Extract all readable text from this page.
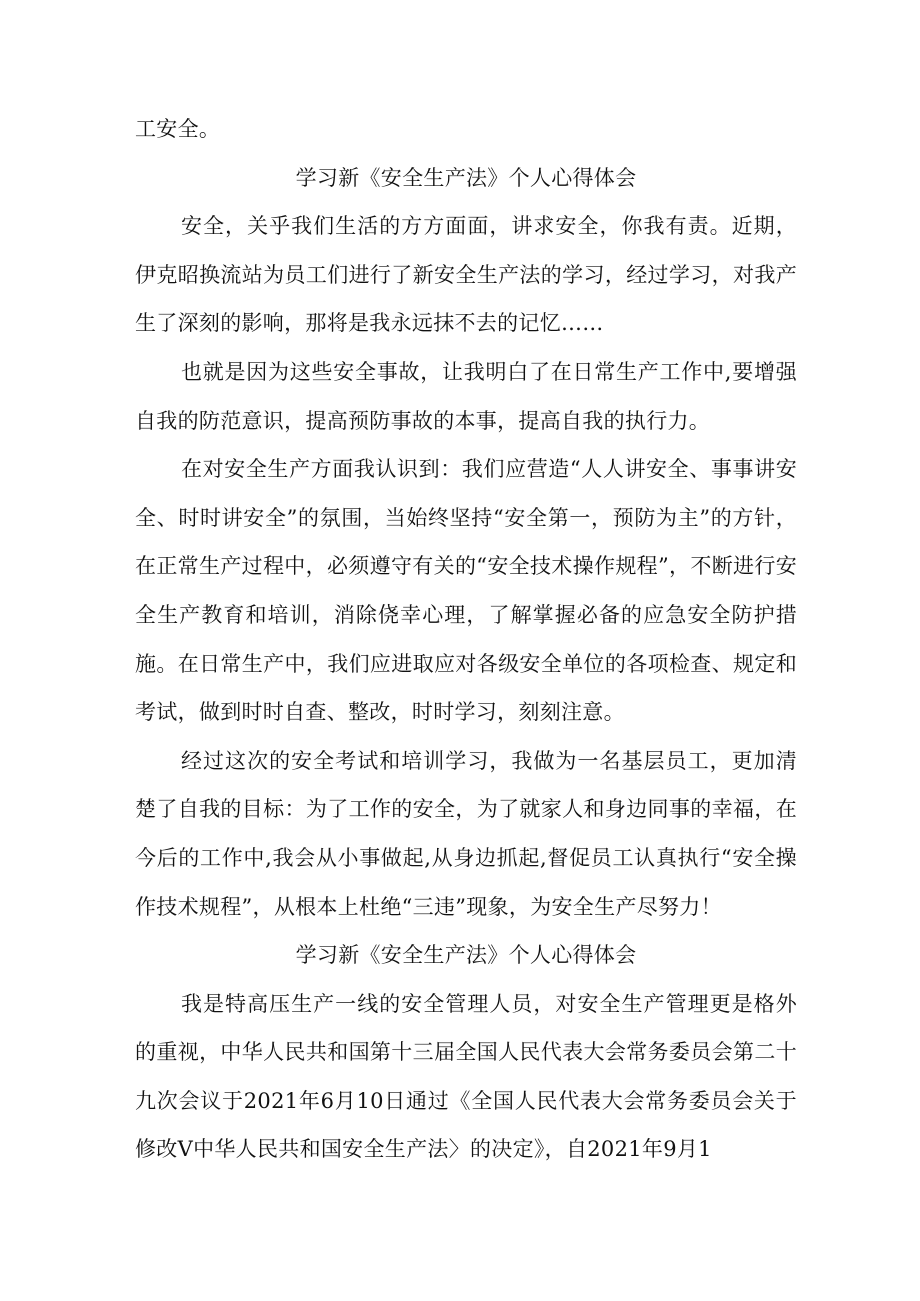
工安全。

学习新《安全生产法》个人心得体会

安全，关乎我们生活的方方面面，讲求安全，你我有责。近期，伊克昭换流站为员工们进行了新安全生产法的学习，经过学习，对我产生了深刻的影响，那将是我永远抹不去的记忆……

也就是因为这些安全事故，让我明白了在日常生产工作中,要增强自我的防范意识，提高预防事故的本事，提高自我的执行力。

在对安全生产方面我认识到：我们应营造“人人讲安全、事事讲安全、时时讲安全”的氛围，当始终坚持“安全第一，预防为主”的方针，在正常生产过程中，必须遵守有关的“安全技术操作规程”，不断进行安全生产教育和培训，消除侥幸心理，了解掌握必备的应急安全防护措施。在日常生产中，我们应进取应对各级安全单位的各项检查、规定和考试，做到时时自查、整改，时时学习，刻刻注意。

经过这次的安全考试和培训学习，我做为一名基层员工，更加清楚了自我的目标：为了工作的安全，为了就家人和身边同事的幸福，在今后的工作中,我会从小事做起,从身边抓起,督促员工认真执行“安全操作技术规程”，从根本上杜绝“三违”现象，为安全生产尽努力！

学习新《安全生产法》个人心得体会

我是特高压生产一线的安全管理人员，对安全生产管理更是格外的重视，中华人民共和国第十三届全国人民代表大会常务委员会第二十九次会议于2021年6月10日通过《全国人民代表大会常务委员会关于修改V中华人民共和国安全生产法〉的决定》，自2021年9月1
